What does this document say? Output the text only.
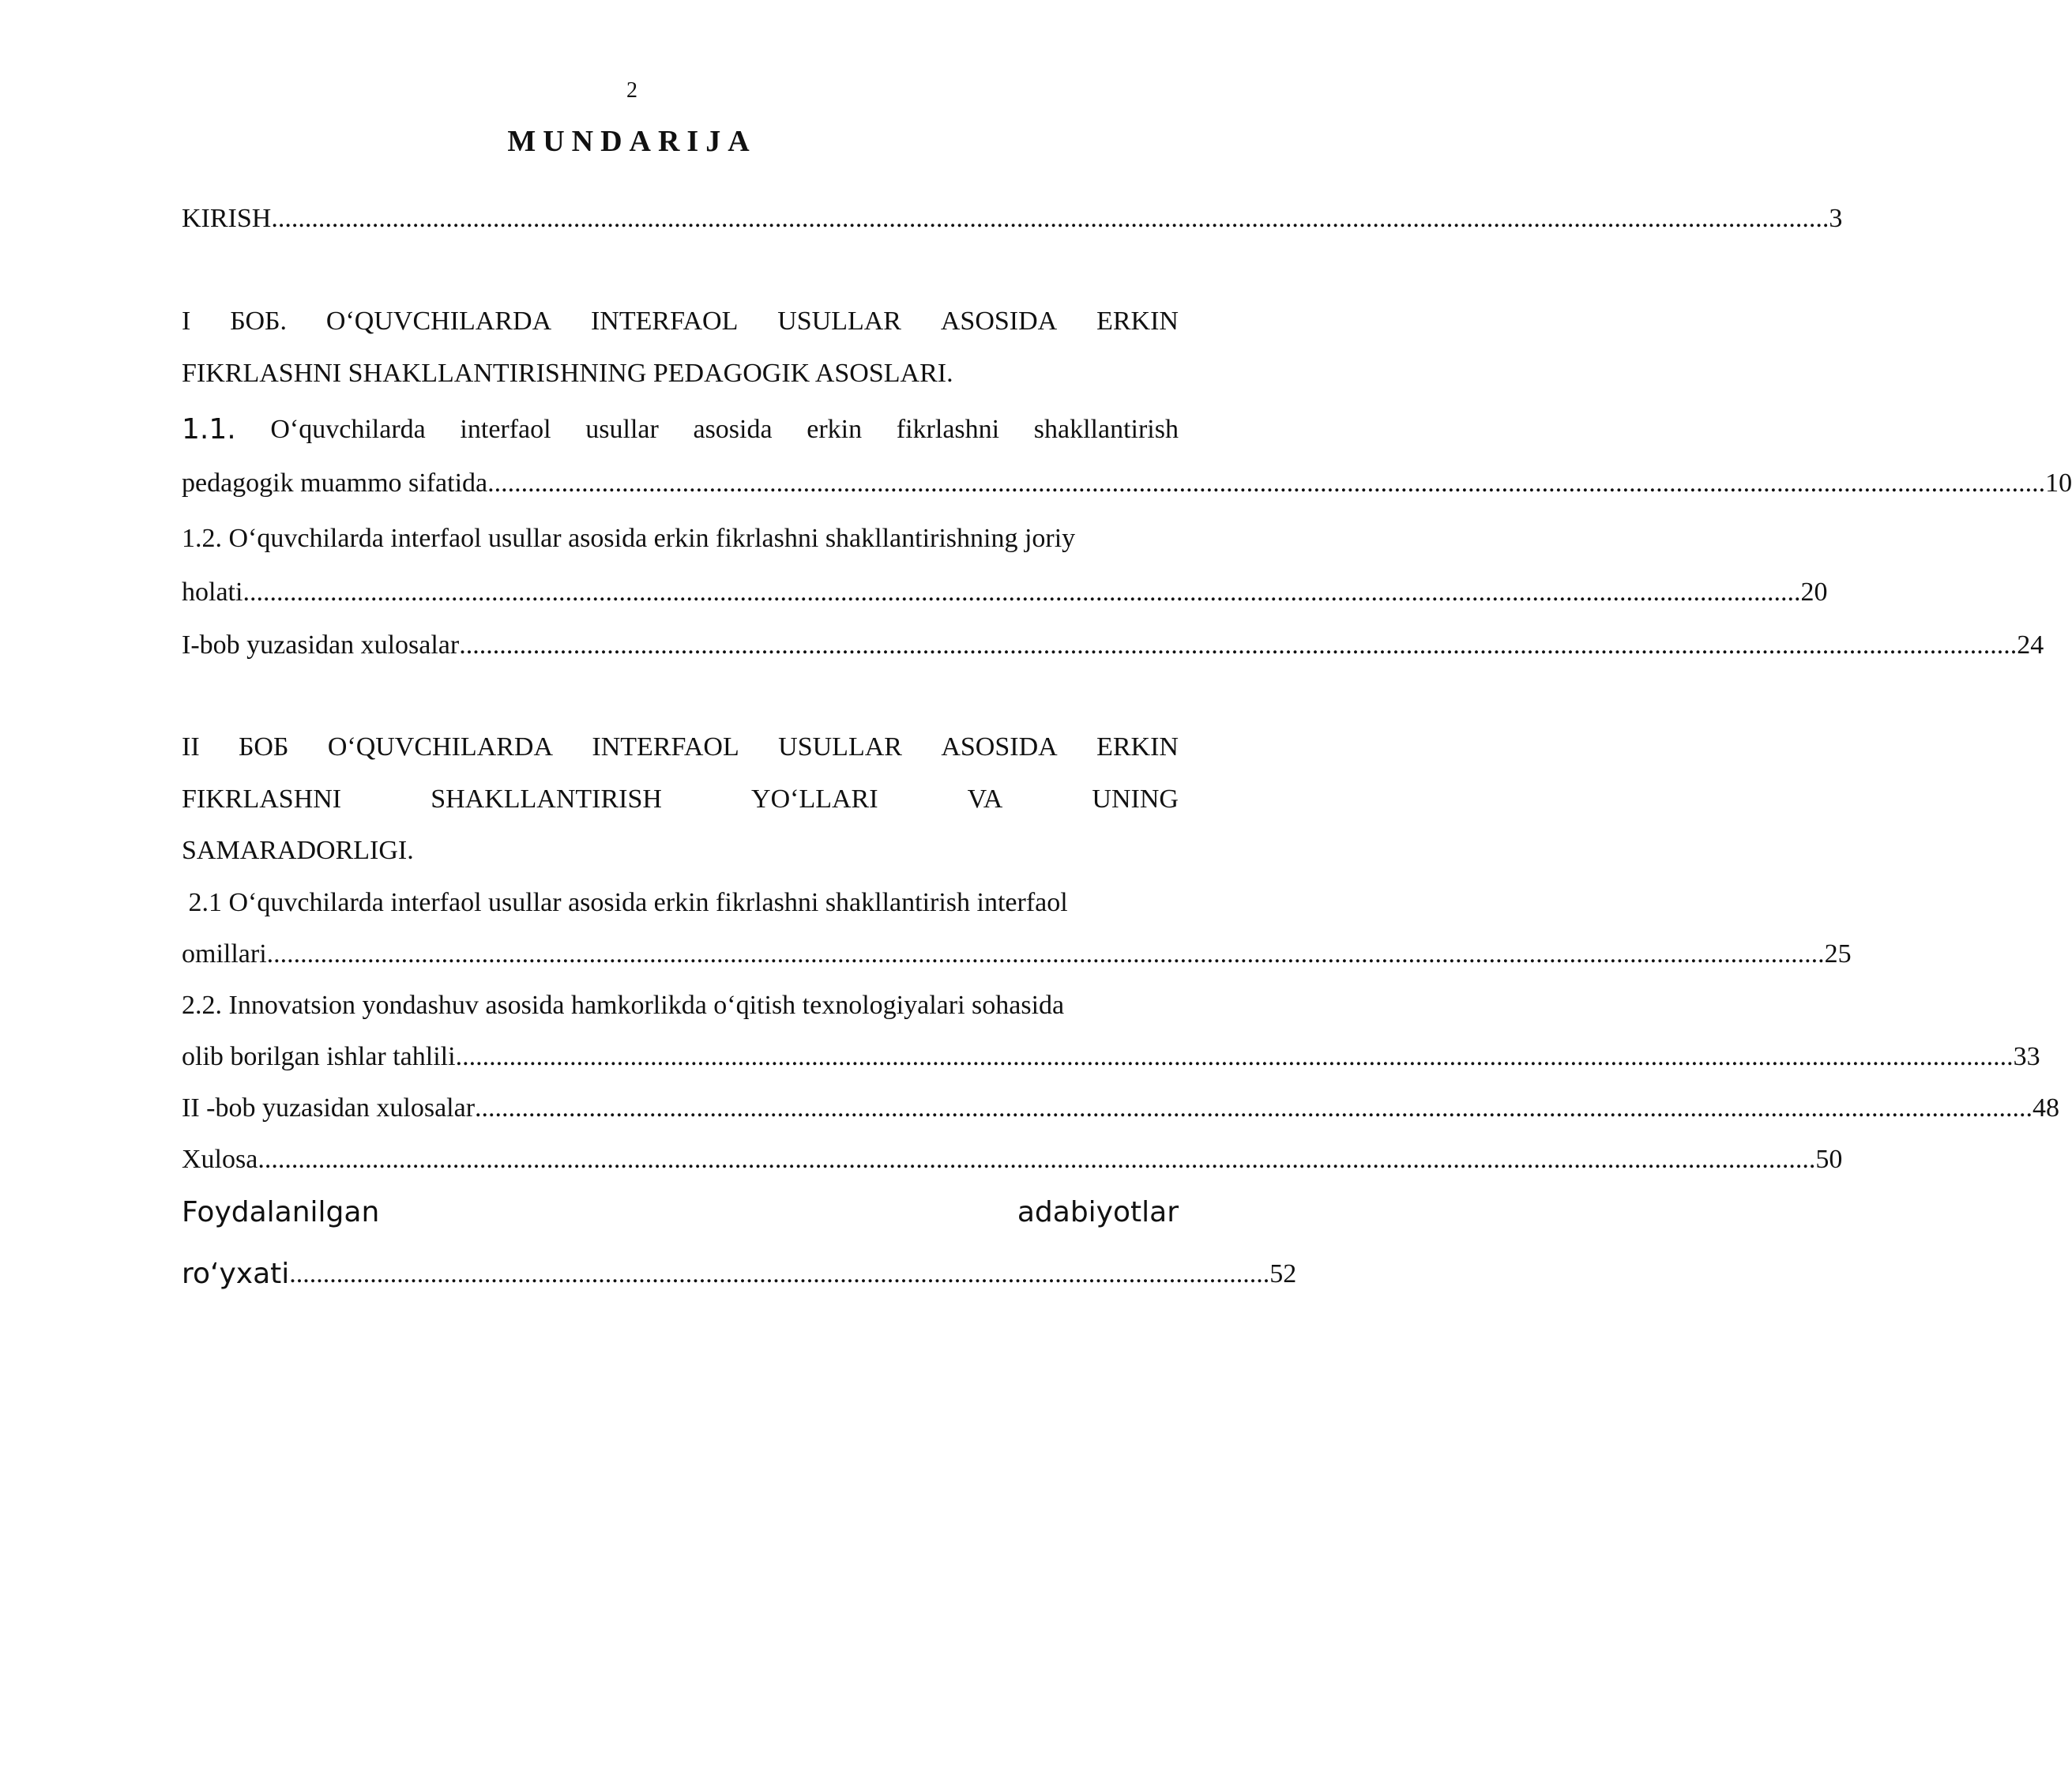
2
MUNDARIJA
KIRISH .....	3
I БОБ. O‘QUVCHILARDA INTERFAOL USULLAR ASOSIDA ERKIN
FIKRLASHNI SHAKLLANTIRISHNING PEDAGOGIK ASOSLARI.
1.1. O‘quvchilarda interfaol usullar asosida erkin fikrlashni shakllantirish
pedagogik muammo sifatida .....	10
1.2. O‘quvchilarda interfaol usullar asosida erkin fikrlashni shakllantirishning joriy
holati .....	20
I-bob yuzasidan xulosalar .....	24
II БОБ O‘QUVCHILARDA INTERFAOL USULLAR ASOSIDA ERKIN
FIKRLASHNI	SHAKLLANTIRISH	YO‘LLARI	VA	UNING
SAMARADORLIGI.
2.1 O‘quvchilarda interfaol usullar asosida erkin fikrlashni shakllantirish interfaol
omillari .....	25
2.2. Innovatsion yondashuv asosida hamkorlikda o‘qitish texnologiyalari sohasida
olib borilgan ishlar tahlili .....	33
II -bob yuzasidan xulosalar .....	48
Xulosa .....	50
Foydalanilgan	adabiyotlar
ro‘yxati .................................................................................................................................................. 52
